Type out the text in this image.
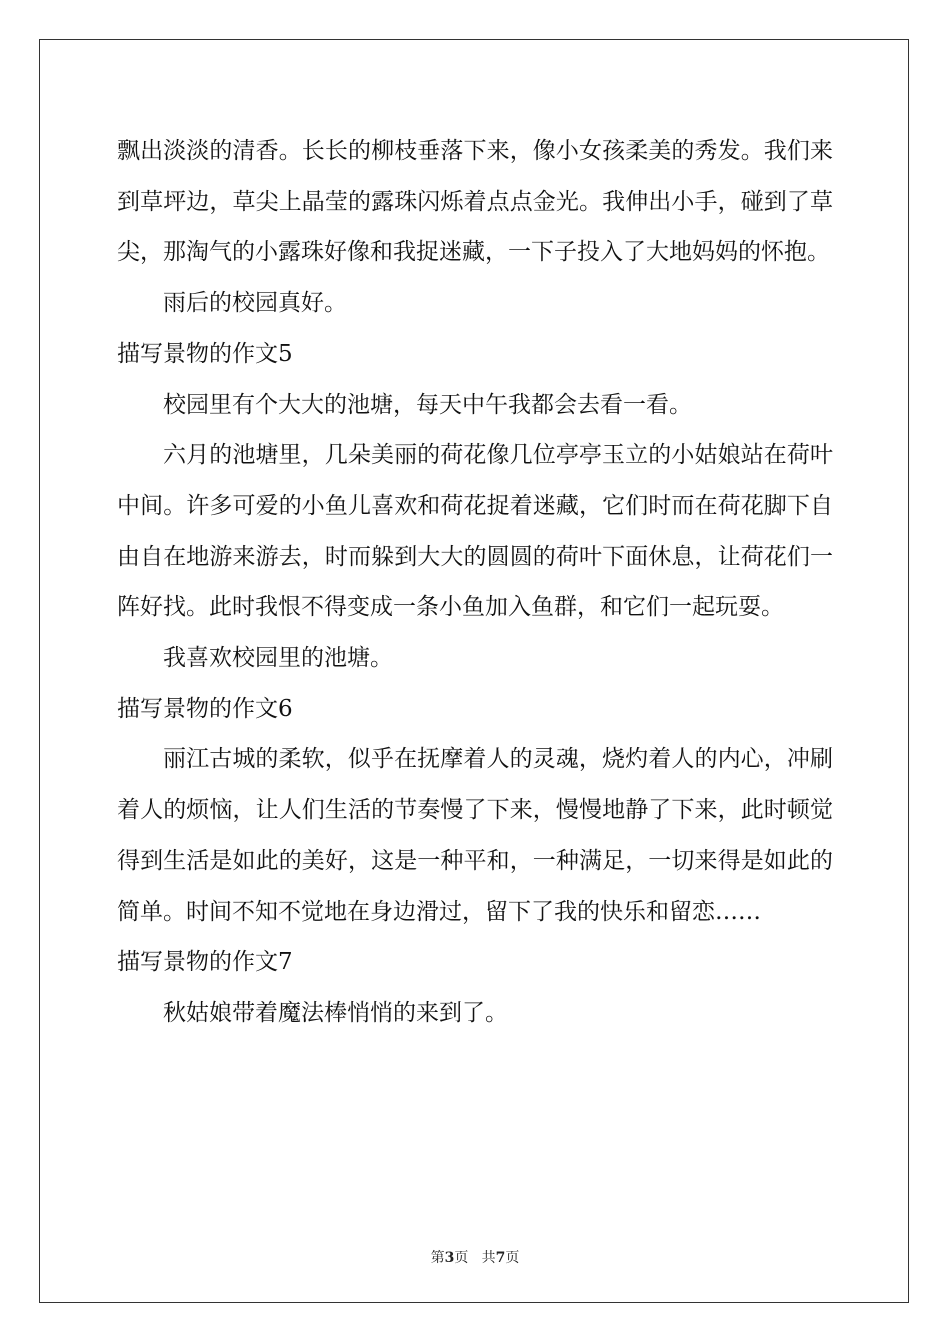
飘出淡淡的清香。长长的柳枝垂落下来，像小女孩柔美的秀发。我们来到草坪边，草尖上晶莹的露珠闪烁着点点金光。我伸出小手，碰到了草尖，那淘气的小露珠好像和我捉迷藏，一下子投入了大地妈妈的怀抱。

雨后的校园真好。

描写景物的作文5

校园里有个大大的池塘，每天中午我都会去看一看。

六月的池塘里，几朵美丽的荷花像几位亭亭玉立的小姑娘站在荷叶中间。许多可爱的小鱼儿喜欢和荷花捉着迷藏，它们时而在荷花脚下自由自在地游来游去，时而躲到大大的圆圆的荷叶下面休息，让荷花们一阵好找。此时我恨不得变成一条小鱼加入鱼群，和它们一起玩耍。

我喜欢校园里的池塘。

描写景物的作文6

丽江古城的柔软，似乎在抚摩着人的灵魂，烧灼着人的内心，冲刷着人的烦恼，让人们生活的节奏慢了下来，慢慢地静了下来，此时顿觉得到生活是如此的美好，这是一种平和，一种满足，一切来得是如此的简单。时间不知不觉地在身边滑过，留下了我的快乐和留恋……

描写景物的作文7

秋姑娘带着魔法棒悄悄的来到了。

第3页 共7页
